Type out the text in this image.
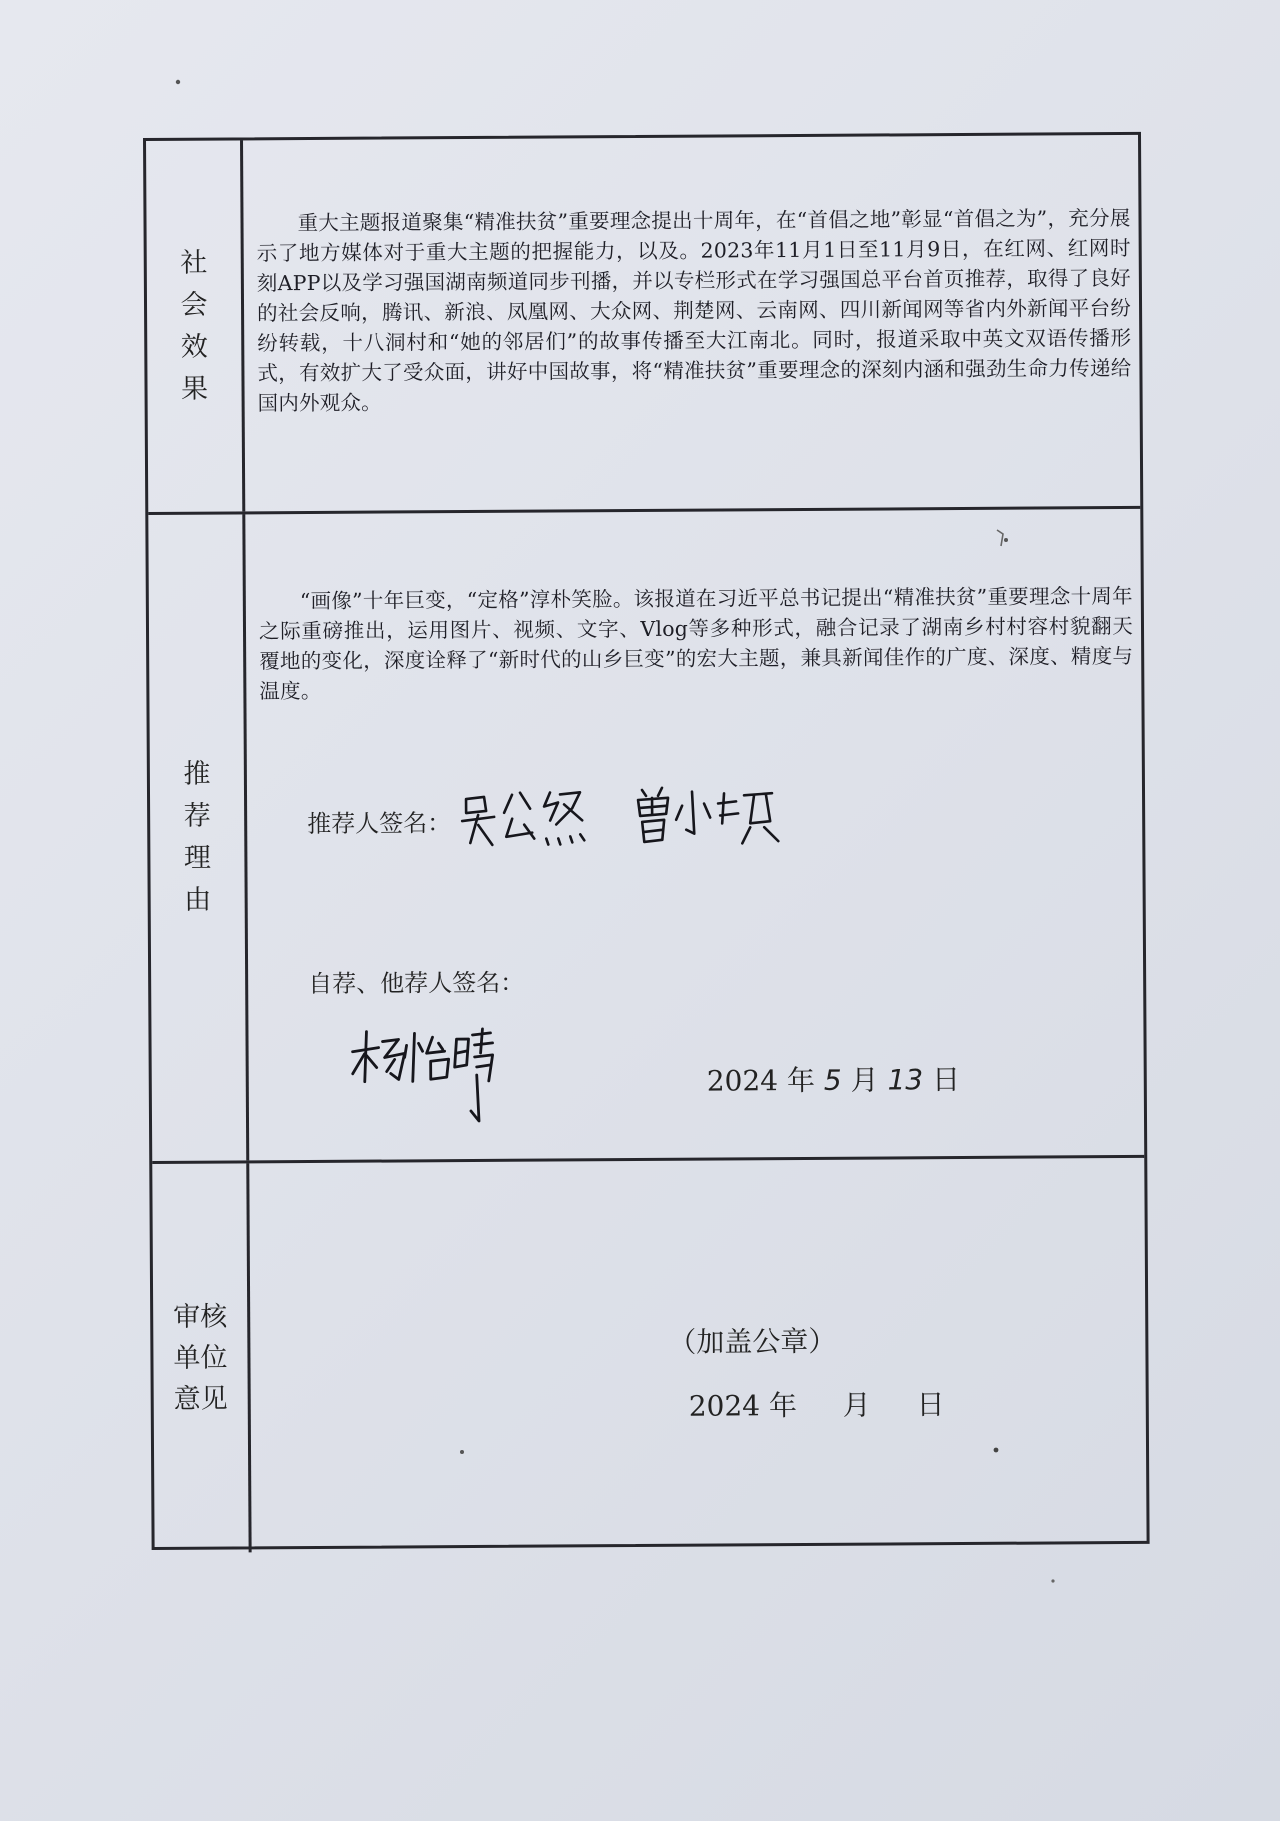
社会效果
重大主题报道聚集“精准扶贫”重要理念提出十周年，在“首倡之地”彰显“首倡之为”，充分展示了地方媒体对于重大主题的把握能力，以及。2023年11月1日至11月9日，在红网、红网时刻APP以及学习强国湖南频道同步刊播，并以专栏形式在学习强国总平台首页推荐，取得了良好的社会反响，腾讯、新浪、凤凰网、大众网、荆楚网、云南网、四川新闻网等省内外新闻平台纷纷转载，十八洞村和“她的邻居们”的故事传播至大江南北。同时，报道采取中英文双语传播形式，有效扩大了受众面，讲好中国故事，将“精准扶贫”重要理念的深刻内涵和强劲生命力传递给国内外观众。
推荐理由
“画像”十年巨变，“定格”淳朴笑脸。该报道在习近平总书记提出“精准扶贫”重要理念十周年之际重磅推出，运用图片、视频、文字、Vlog等多种形式，融合记录了湖南乡村村容村貌翻天覆地的变化，深度诠释了“新时代的山乡巨变”的宏大主题，兼具新闻佳作的广度、深度、精度与温度。
推荐人签名：
自荐、他荐人签名：
2024 年 5 月 13 日
审核单位意见
（加盖公章）
2024 年 　 月 　 日
